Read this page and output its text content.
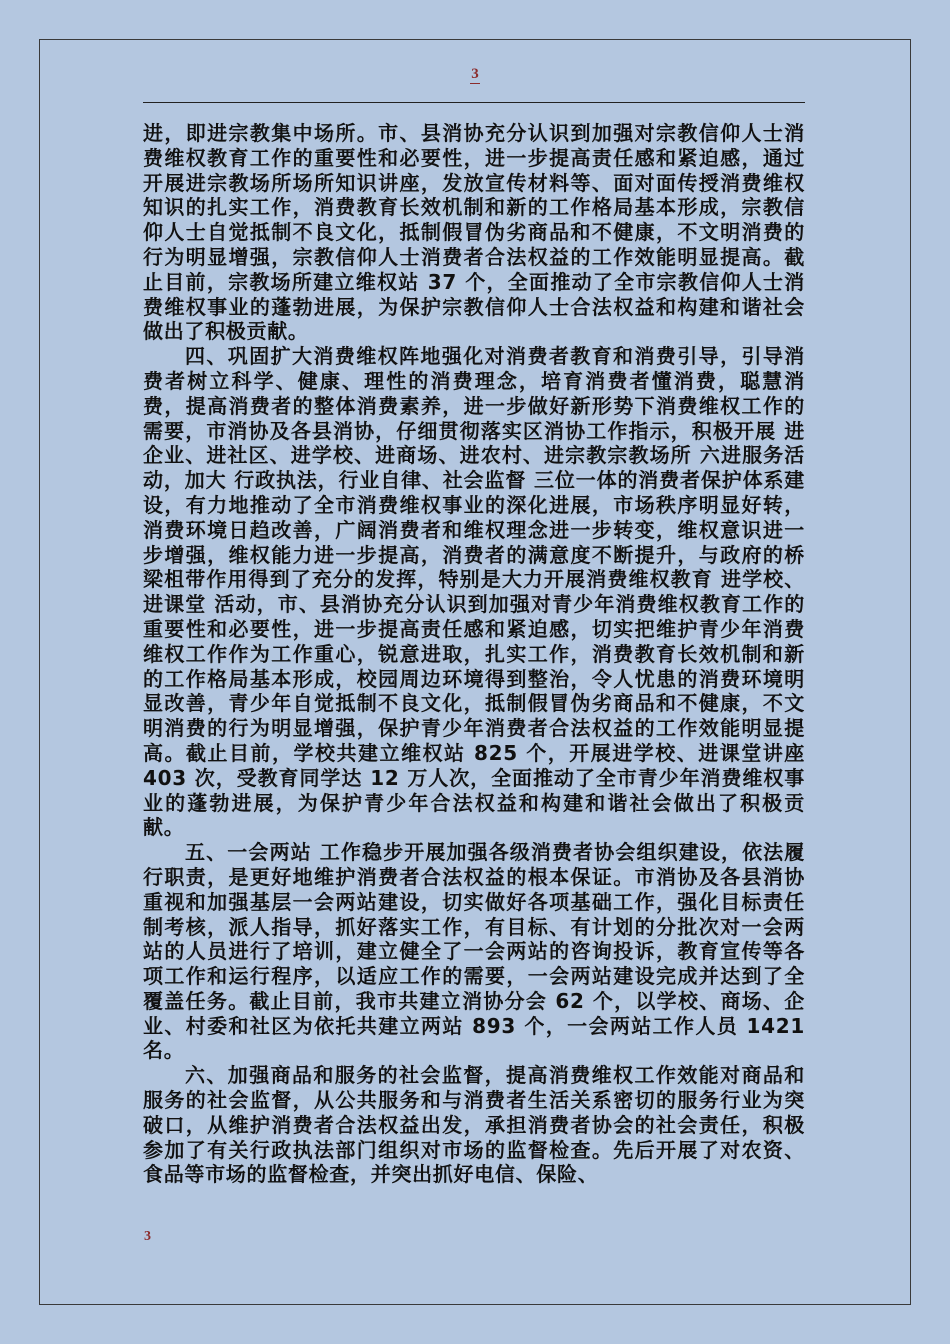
3

进，即进宗教集中场所。市、县消协充分认识到加强对宗教信仰人士消费维权教育工作的重要性和必要性，进一步提高责任感和紧迫感，通过开展进宗教场所场所知识讲座，发放宣传材料等、面对面传授消费维权知识的扎实工作，消费教育长效机制和新的工作格局基本形成，宗教信仰人士自觉抵制不良文化，抵制假冒伪劣商品和不健康，不文明消费的行为明显增强，宗教信仰人士消费者合法权益的工作效能明显提高。截止目前，宗教场所建立维权站 37 个，全面推动了全市宗教信仰人士消费维权事业的蓬勃进展，为保护宗教信仰人士合法权益和构建和谐社会做出了积极贡献。

四、巩固扩大消费维权阵地强化对消费者教育和消费引导，引导消费者树立科学、健康、理性的消费理念，培育消费者懂消费，聪慧消费，提高消费者的整体消费素养，进一步做好新形势下消费维权工作的需要，市消协及各县消协，仔细贯彻落实区消协工作指示，积极开展 进企业、进社区、进学校、进商场、进农村、进宗教宗教场所 六进服务活动，加大 行政执法，行业自律、社会监督 三位一体的消费者保护体系建设，有力地推动了全市消费维权事业的深化进展，市场秩序明显好转，消费环境日趋改善，广阔消费者和维权理念进一步转变，维权意识进一步增强，维权能力进一步提高，消费者的满意度不断提升，与政府的桥梁柤带作用得到了充分的发挥，特别是大力开展消费维权教育 进学校、进课堂 活动，市、县消协充分认识到加强对青少年消费维权教育工作的重要性和必要性，进一步提高责任感和紧迫感，切实把维护青少年消费维权工作作为工作重心，锐意进取，扎实工作，消费教育长效机制和新的工作格局基本形成，校园周边环境得到整治，令人忧患的消费环境明显改善，青少年自觉抵制不良文化，抵制假冒伪劣商品和不健康，不文明消费的行为明显增强，保护青少年消费者合法权益的工作效能明显提高。截止目前，学校共建立维权站 825 个，开展进学校、进课堂讲座 403 次，受教育同学达 12 万人次，全面推动了全市青少年消费维权事业的蓬勃进展，为保护青少年合法权益和构建和谐社会做出了积极贡献。

五、一会两站 工作稳步开展加强各级消费者协会组织建设，依法履行职责，是更好地维护消费者合法权益的根本保证。市消协及各县消协重视和加强基层一会两站建设，切实做好各项基础工作，强化目标责任制考核，派人指导，抓好落实工作，有目标、有计划的分批次对一会两站的人员进行了培训，建立健全了一会两站的咨询投诉，教育宣传等各项工作和运行程序，以适应工作的需要，一会两站建设完成并达到了全覆盖任务。截止目前，我市共建立消协分会 62 个，以学校、商场、企业、村委和社区为依托共建立两站 893 个，一会两站工作人员 1421 名。

六、加强商品和服务的社会监督，提高消费维权工作效能对商品和服务的社会监督，从公共服务和与消费者生活关系密切的服务行业为突破口，从维护消费者合法权益出发，承担消费者协会的社会责任，积极参加了有关行政执法部门组织对市场的监督检查。先后开展了对农资、食品等市场的监督检查，并突出抓好电信、保险、

3
